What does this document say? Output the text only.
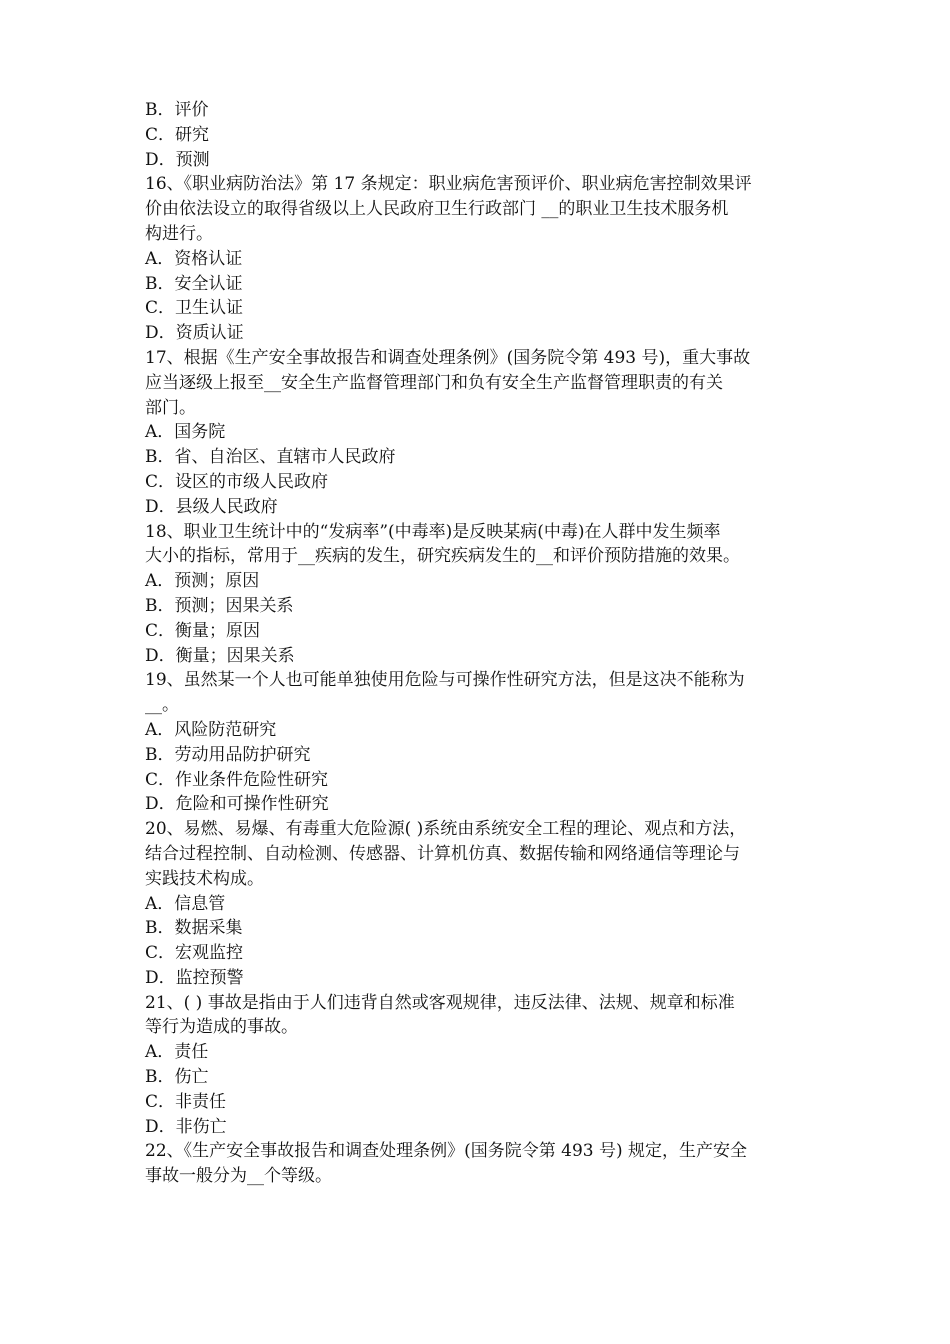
B．评价
C．研究
D．预测
16、《职业病防治法》第 17 条规定：职业病危害预评价、职业病危害控制效果评
价由依法设立的取得省级以上人民政府卫生行政部门 __的职业卫生技术服务机
构进行。
A．资格认证
B．安全认证
C．卫生认证
D．资质认证
17、根据《生产安全事故报告和调查处理条例》(国务院令第 493 号)，重大事故
应当逐级上报至__安全生产监督管理部门和负有安全生产监督管理职责的有关
部门。
A．国务院
B．省、自治区、直辖市人民政府
C．设区的市级人民政府
D．县级人民政府
18、职业卫生统计中的“发病率”(中毒率)是反映某病(中毒)在人群中发生频率
大小的指标，常用于__疾病的发生，研究疾病发生的__和评价预防措施的效果。
A．预测；原因
B．预测；因果关系
C．衡量；原因
D．衡量；因果关系
19、虽然某一个人也可能单独使用危险与可操作性研究方法，但是这决不能称为
__。
A．风险防范研究
B．劳动用品防护研究
C．作业条件危险性研究
D．危险和可操作性研究
20、易燃、易爆、有毒重大危险源( )系统由系统安全工程的理论、观点和方法，
结合过程控制、自动检测、传感器、计算机仿真、数据传输和网络通信等理论与
实践技术构成。
A．信息管
B．数据采集
C．宏观监控
D．监控预警
21、( ) 事故是指由于人们违背自然或客观规律，违反法律、法规、规章和标准
等行为造成的事故。
A．责任
B．伤亡
C．非责任
D．非伤亡
22、《生产安全事故报告和调查处理条例》(国务院令第 493 号) 规定，生产安全
事故一般分为__个等级。
